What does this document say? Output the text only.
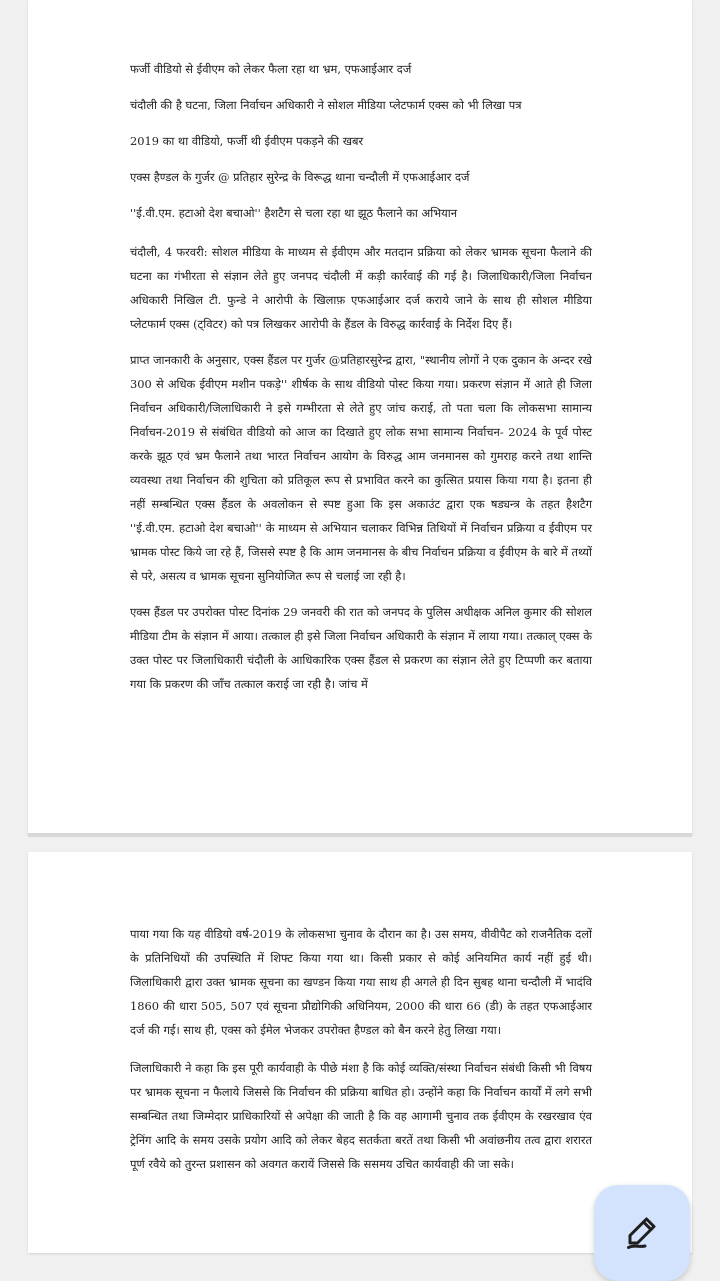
फर्जी वीडियो से ईवीएम को लेकर फैला रहा था भ्रम, एफआईआर दर्ज

चंदौली की है घटना, जिला निर्वाचन अधिकारी ने सोशल मीडिया प्लेटफार्म एक्स को भी लिखा पत्र

2019 का था वीडियो, फर्जी थी ईवीएम पकड़ने की खबर

एक्स हैण्डल के गुर्जर @ प्रतिहार सुरेन्द्र के विरूद्ध थाना चन्दौली में एफआईआर दर्ज

''ई.वी.एम. हटाओ देश बचाओ'' हैशटैग से चला रहा था झूठ फैलाने का अभियान

चंदौली, 4 फरवरी: सोशल मीडिया के माध्यम से ईवीएम और मतदान प्रक्रिया को लेकर भ्रामक सूचना फैलाने की घटना का गंभीरता से संज्ञान लेते हुए जनपद चंदौली में कड़ी कार्रवाई की गई है। जिलाधिकारी/जिला निर्वाचन अधिकारी निखिल टी. फुन्डे ने आरोपी के खिलाफ़ एफआईआर दर्ज कराये जाने के साथ ही सोशल मीडिया प्लेटफार्म एक्स (ट्विटर) को पत्र लिखकर आरोपी के हैंडल के विरुद्ध कार्रवाई के निर्देश दिए हैं।

प्राप्त जानकारी के अनुसार, एक्स हैंडल पर गुर्जर @प्रतिहारसुरेन्द्र द्वारा, "स्थानीय लोगों ने एक दुकान के अन्दर रखे 300 से अधिक ईवीएम मशीन पकड़े'' शीर्षक के साथ वीडियो पोस्ट किया गया। प्रकरण संज्ञान में आते ही जिला निर्वाचन अधिकारी/जिलाधिकारी ने इसे गम्भीरता से लेते हुए जांच कराई, तो पता चला कि लोकसभा सामान्य निर्वाचन-2019 से संबंधित वीडियो को आज का दिखाते हुए लोक सभा सामान्य निर्वाचन- 2024 के पूर्व पोस्ट करके झूठ एवं भ्रम फैलाने तथा भारत निर्वाचन आयोग के विरुद्ध आम जनमानस को गुमराह करने तथा शान्ति व्यवस्था तथा निर्वाचन की शुचिता को प्रतिकूल रूप से प्रभावित करने का कुत्सित प्रयास किया गया है। इतना ही नहीं सम्बन्धित एक्स हैंडल के अवलोकन से स्पष्ट हुआ कि इस अकाउंट द्वारा एक षड्यन्त्र के तहत हैशटैग ''ई.वी.एम. हटाओ देश बचाओ'' के माध्यम से अभियान चलाकर विभिन्न तिथियों में निर्वाचन प्रक्रिया व ईवीएम पर भ्रामक पोस्ट किये जा रहे हैं, जिससे स्पष्ट है कि आम जनमानस के बीच निर्वाचन प्रक्रिया व ईवीएम के बारे में तथ्यों से परे, असत्य व भ्रामक सूचना सुनियोजित रूप से चलाई जा रही है।

एक्स हैंडल पर उपरोक्त पोस्ट दिनांक 29 जनवरी की रात को जनपद के पुलिस अधीक्षक अनिल कुमार की सोशल मीडिया टीम के संज्ञान में आया। तत्काल ही इसे जिला निर्वाचन अधिकारी के संज्ञान में लाया गया। तत्काल् एक्स के उक्त पोस्ट पर जिलाधिकारी चंदौली के आधिकारिक एक्स हैंडल से प्रकरण का संज्ञान लेते हुए टिप्पणी कर बताया गया कि प्रकरण की जाँच तत्काल कराई जा रही है। जांच में

पाया गया कि यह वीडियो वर्ष-2019 के लोकसभा चुनाव के दौरान का है। उस समय, वीवीपैट को राजनैतिक दलों के प्रतिनिधियों की उपस्थिति में शिफ्ट किया गया था। किसी प्रकार से कोई अनियमित कार्य नहीं हुई थी। जिलाधिकारी द्वारा उक्त भ्रामक सूचना का खण्डन किया गया साथ ही अगले ही दिन सुबह थाना चन्दौली में भादंवि 1860 की धारा 505, 507 एवं सूचना प्रौद्योगिकी अधिनियम, 2000 की धारा 66 (डी) के तहत एफआईआर दर्ज की गई। साथ ही, एक्स को ईमेल भेजकर उपरोक्त हैण्डल को बैन करने हेतु लिखा गया।

जिलाधिकारी ने कहा कि इस पूरी कार्यवाही के पीछे मंशा है कि कोई व्यक्ति/संस्था निर्वाचन संबंधी किसी भी विषय पर भ्रामक सूचना न फैलाये जिससे कि निर्वाचन की प्रक्रिया बाधित हो। उन्होंने कहा कि निर्वाचन कार्यों में लगे सभी सम्बन्धित तथा जिम्मेदार प्राधिकारियों से अपेक्षा की जाती है कि वह आगामी चुनाव तक ईवीएम के रखरखाव एंव ट्रेनिंग आदि के समय उसके प्रयोग आदि को लेकर बेहद सतर्कता बरतें तथा किसी भी अवांछनीय तत्व द्वारा शरारत पूर्ण रवैये को तुरन्त प्रशासन को अवगत करायें जिससे कि ससमय उचित कार्यवाही की जा सके।
